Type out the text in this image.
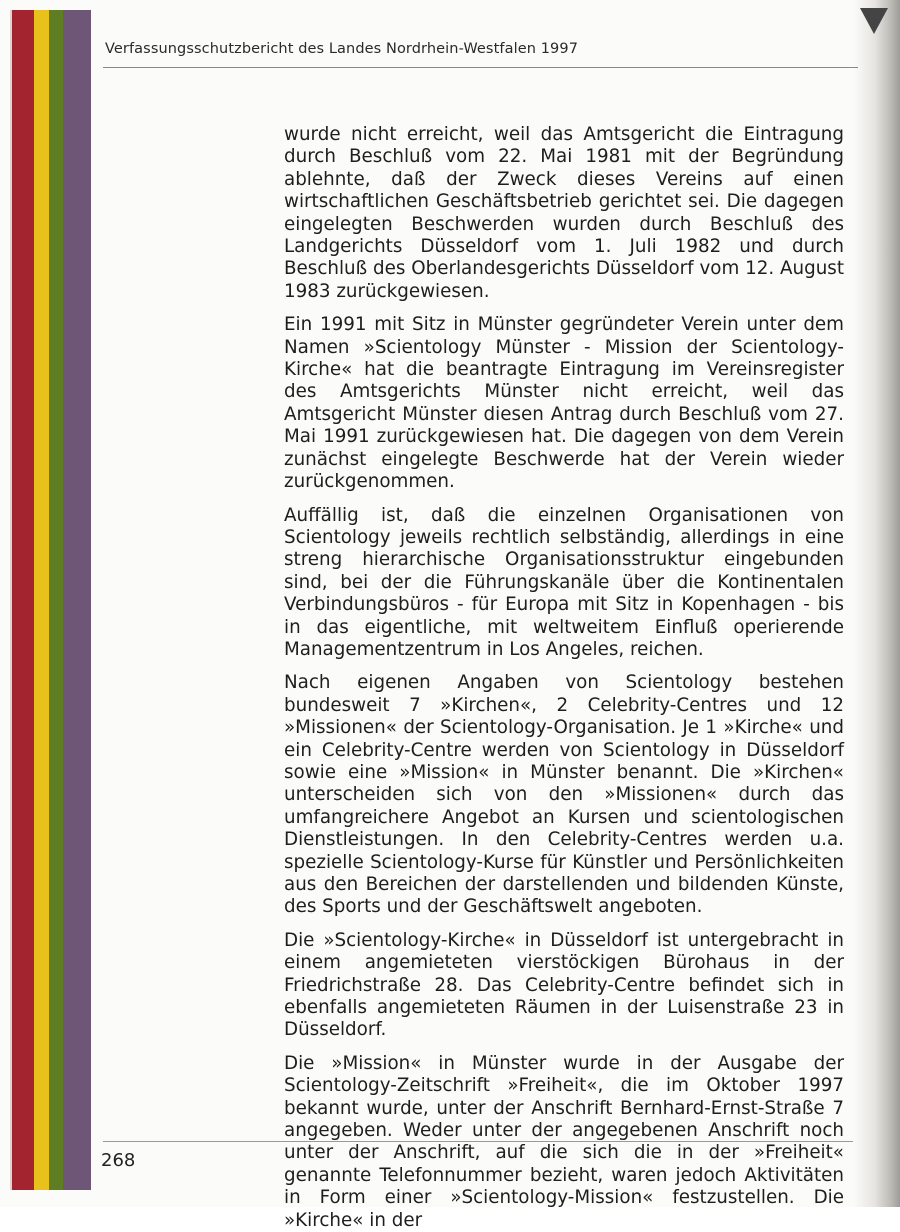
Verfassungsschutzbericht des Landes Nordrhein-Westfalen 1997

wurde nicht erreicht, weil das Amtsgericht die Eintragung durch Beschluß vom 22. Mai 1981 mit der Begründung ablehnte, daß der Zweck dieses Vereins auf einen wirtschaftlichen Geschäftsbetrieb gerichtet sei. Die dagegen eingelegten Beschwerden wurden durch Beschluß des Landgerichts Düsseldorf vom 1. Juli 1982 und durch Beschluß des Oberlandesgerichts Düsseldorf vom 12. August 1983 zurückgewiesen.

Ein 1991 mit Sitz in Münster gegründeter Verein unter dem Namen »Scientology Münster - Mission der Scientology-Kirche« hat die beantragte Eintragung im Vereinsregister des Amtsgerichts Münster nicht erreicht, weil das Amtsgericht Münster diesen Antrag durch Beschluß vom 27. Mai 1991 zurückgewiesen hat. Die dagegen von dem Verein zunächst eingelegte Beschwerde hat der Verein wieder zurückgenommen.

Auffällig ist, daß die einzelnen Organisationen von Scientology jeweils rechtlich selbständig, allerdings in eine streng hierarchische Organisationsstruktur eingebunden sind, bei der die Führungskanäle über die Kontinentalen Verbindungsbüros - für Europa mit Sitz in Kopenhagen - bis in das eigentliche, mit weltweitem Einfluß operierende Managementzentrum in Los Angeles, reichen.

Nach eigenen Angaben von Scientology bestehen bundesweit 7 »Kirchen«, 2 Celebrity-Centres und 12 »Missionen« der Scientology-Organisation. Je 1 »Kirche« und ein Celebrity-Centre werden von Scientology in Düsseldorf sowie eine »Mission« in Münster benannt. Die »Kirchen« unterscheiden sich von den »Missionen« durch das umfangreichere Angebot an Kursen und scientologischen Dienstleistungen. In den Celebrity-Centres werden u.a. spezielle Scientology-Kurse für Künstler und Persönlichkeiten aus den Bereichen der darstellenden und bildenden Künste, des Sports und der Geschäftswelt angeboten.

Die »Scientology-Kirche« in Düsseldorf ist untergebracht in einem angemieteten vierstöckigen Bürohaus in der Friedrichstraße 28. Das Celebrity-Centre befindet sich in ebenfalls angemieteten Räumen in der Luisenstraße 23 in Düsseldorf.

Die »Mission« in Münster wurde in der Ausgabe der Scientology-Zeitschrift »Freiheit«, die im Oktober 1997 bekannt wurde, unter der Anschrift Bernhard-Ernst-Straße 7 angegeben. Weder unter der angegebenen Anschrift noch unter der Anschrift, auf die sich die in der »Freiheit« genannte Telefonnummer bezieht, waren jedoch Aktivitäten in Form einer »Scientology-Mission« festzustellen. Die »Kirche« in der

268
